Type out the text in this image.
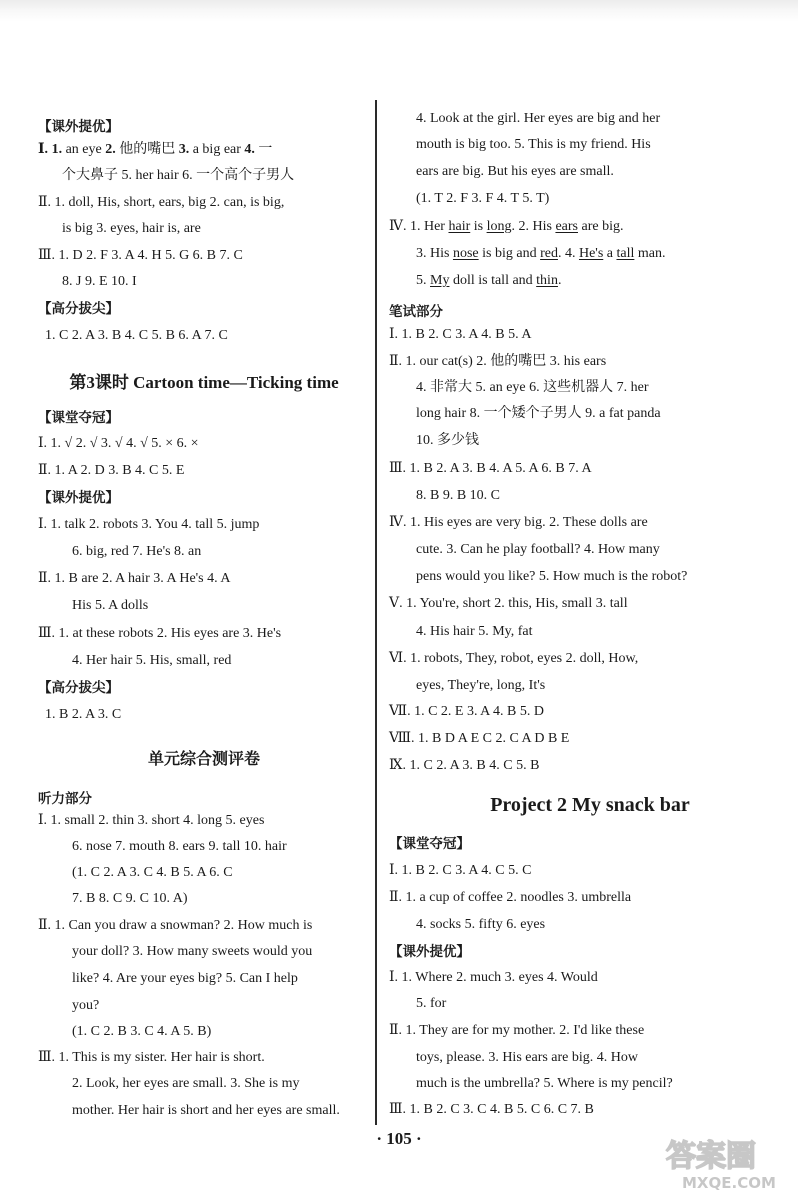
【课外提优】
Ⅰ. 1. an eye 2. 他的嘴巴 3. a big ear 4. 一
个大鼻子 5. her hair 6. 一个高个子男人
Ⅱ. 1. doll, His, short, ears, big 2. can, is big,
is big 3. eyes, hair is, are
Ⅲ. 1. D 2. F 3. A 4. H 5. G 6. B 7. C
8. J 9. E 10. I
【高分拔尖】
1. C 2. A 3. B 4. C 5. B 6. A 7. C
第3课时 Cartoon time—Ticking time
【课堂夺冠】
Ⅰ. 1. √ 2. √ 3. √ 4. √ 5. × 6. ×
Ⅱ. 1. A 2. D 3. B 4. C 5. E
【课外提优】
Ⅰ. 1. talk 2. robots 3. You 4. tall 5. jump
6. big, red 7. He's 8. an
Ⅱ. 1. B are 2. A hair 3. A He's 4. A
His 5. A dolls
Ⅲ. 1. at these robots 2. His eyes are 3. He's
4. Her hair 5. His, small, red
【高分拔尖】
1. B 2. A 3. C
单元综合测评卷
听力部分
Ⅰ. 1. small 2. thin 3. short 4. long 5. eyes
6. nose 7. mouth 8. ears 9. tall 10. hair
(1. C 2. A 3. C 4. B 5. A 6. C
7. B 8. C 9. C 10. A)
Ⅱ. 1. Can you draw a snowman? 2. How much is
your doll? 3. How many sweets would you
like? 4. Are your eyes big? 5. Can I help
you?
(1. C 2. B 3. C 4. A 5. B)
Ⅲ. 1. This is my sister. Her hair is short.
2. Look, her eyes are small. 3. She is my
mother. Her hair is short and her eyes are small.
4. Look at the girl. Her eyes are big and her
mouth is big too. 5. This is my friend. His
ears are big. But his eyes are small.
(1. T 2. F 3. F 4. T 5. T)
Ⅳ. 1. Her hair is long. 2. His ears are big.
3. His nose is big and red. 4. He's a tall man.
5. My doll is tall and thin.
笔试部分
Ⅰ. 1. B 2. C 3. A 4. B 5. A
Ⅱ. 1. our cat(s) 2. 他的嘴巴 3. his ears
4. 非常大 5. an eye 6. 这些机器人 7. her
long hair 8. 一个矮个子男人 9. a fat panda
10. 多少钱
Ⅲ. 1. B 2. A 3. B 4. A 5. A 6. B 7. A
8. B 9. B 10. C
Ⅳ. 1. His eyes are very big. 2. These dolls are
cute. 3. Can he play football? 4. How many
pens would you like? 5. How much is the robot?
Ⅴ. 1. You're, short 2. this, His, small 3. tall
4. His hair 5. My, fat
Ⅵ. 1. robots, They, robot, eyes 2. doll, How,
eyes, They're, long, It's
Ⅶ. 1. C 2. E 3. A 4. B 5. D
Ⅷ. 1. B D A E C 2. C A D B E
Ⅸ. 1. C 2. A 3. B 4. C 5. B
Project 2 My snack bar
【课堂夺冠】
Ⅰ. 1. B 2. C 3. A 4. C 5. C
Ⅱ. 1. a cup of coffee 2. noodles 3. umbrella
4. socks 5. fifty 6. eyes
【课外提优】
Ⅰ. 1. Where 2. much 3. eyes 4. Would
5. for
Ⅱ. 1. They are for my mother. 2. I'd like these
toys, please. 3. His ears are big. 4. How
much is the umbrella? 5. Where is my pencil?
Ⅲ. 1. B 2. C 3. C 4. B 5. C 6. C 7. B
· 105 ·
答案圈
MXQE.COM
